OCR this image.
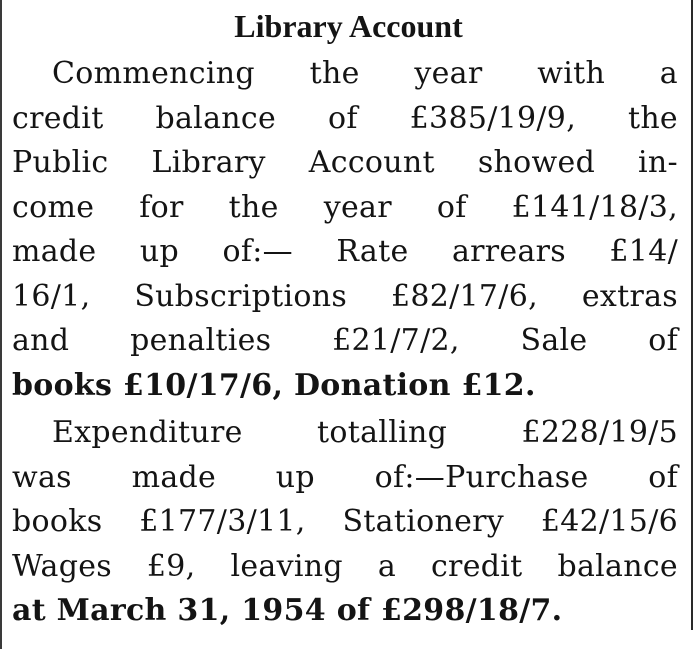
Library Account

Commencing the year with a
credit balance of £385/19/9, the
Public Library Account showed in-
come for the year of £141/18/3,
made up of:— Rate arrears £14/
16/1, Subscriptions £82/17/6, extras
and penalties £21/7/2, Sale of
books £10/17/6, Donation £12.

Expenditure totalling £228/19/5
was made up of:—Purchase of
books £177/3/11, Stationery £42/15/6
Wages £9, leaving a credit balance
at March 31, 1954 of £298/18/7.
